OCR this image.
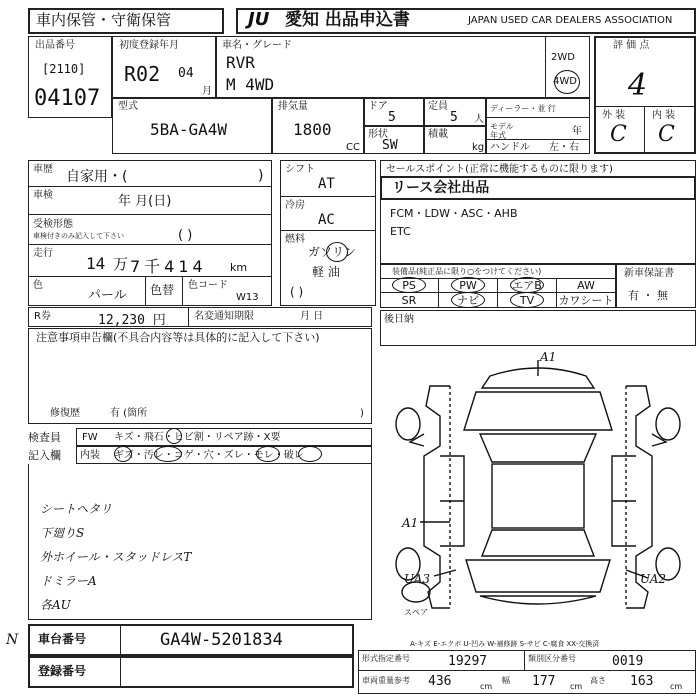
車内保管・守衛保管	JU 愛知 出品申込書	JAPAN USED CAR DEALERS ASSOCIATION
出品番号
[2110]
04107
初度登録年月
R02 04
月
車名・グレード
RVR
M 4WD
2WD
4WD
評 価 点
4
外 装	内 装
C C
型式
5BA-GA4W
排気量
1800
CC
ドア
5
定員
5 人
形状
SW
積載
kg
ディーラー・並 行
モデル 年式	年
ハンドル 左・右
車歴 自家用・(	)
車検	年 月(日)
受検形態
車検付きのみ記入して下さい	( )
走行
14 万 7千414 km
色
パール 色替 色コード
W13
シフト
AT
冷房
AC
燃料
ガソリン
軽 油
( )
セールスポイント(正常に機能するものに限ります)
リース会社出品
FCM・LDW・ASC・AHB
ETC
装備品(純正品に限り○をつけてください)
PS	PW	エアB	AW
SR	ナビ	TV	カワシート
新車保証書
有 ・ 無
R券	12,230 円	名変通知期限	月 日
注意事項申告欄(不具合内容等は具体的に記入して下さい)
修復歴	有 (箇所	)
後日納
検査員
記入欄
FW キズ・飛石・ヒビ割・リペア跡・X要
内装 ギズ・汚レ・コゲ・穴・ズレ・モレ・破レ
シートヘタリ
下廻りS
外ホイール・スタッドレスT
ドミラーA
各AU
A1
A1
UA3	UA2
スペア
A-キズ E-エクボ U-凹み W-補修跡 S-サビ C-腐食 XX-交換済
N 車台番号	GA4W-5201834
登録番号
形式指定番号	19297	類別区分番号	0019
車両重量参考 436	cm
幅 177 cm
高さ 163 cm
